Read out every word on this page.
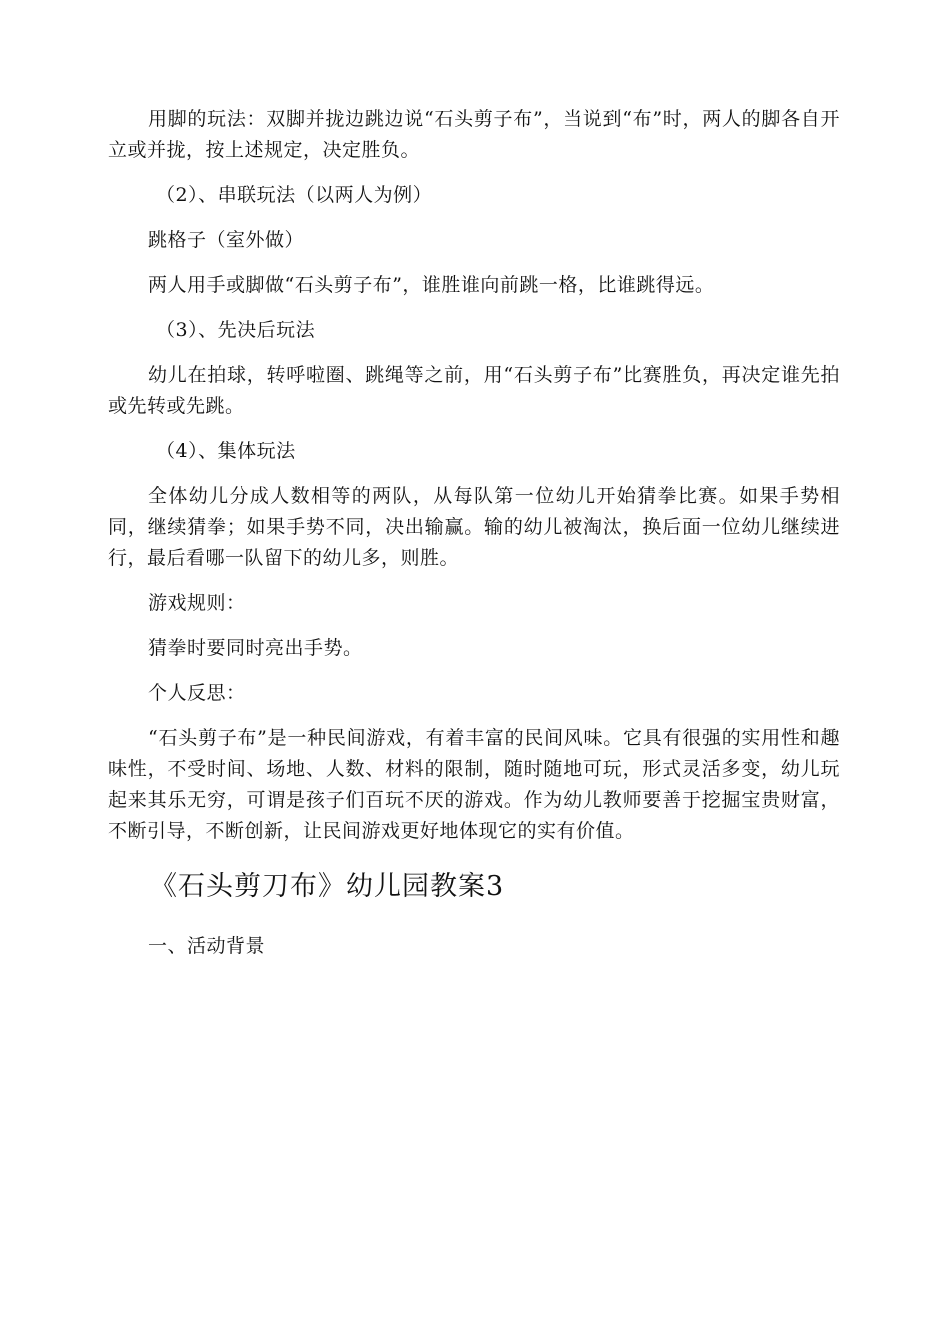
用脚的玩法：双脚并拢边跳边说“石头剪子布”，当说到“布”时，两人的脚各自开立或并拢，按上述规定，决定胜负。

（2）、串联玩法（以两人为例）

跳格子（室外做）

两人用手或脚做“石头剪子布”，谁胜谁向前跳一格，比谁跳得远。

（3）、先决后玩法

幼儿在拍球，转呼啦圈、跳绳等之前，用“石头剪子布”比赛胜负，再决定谁先拍或先转或先跳。

（4）、集体玩法

全体幼儿分成人数相等的两队，从每队第一位幼儿开始猜拳比赛。如果手势相同，继续猜拳；如果手势不同，决出输赢。输的幼儿被淘汰，换后面一位幼儿继续进行，最后看哪一队留下的幼儿多，则胜。

游戏规则：

猜拳时要同时亮出手势。

个人反思：

“石头剪子布”是一种民间游戏，有着丰富的民间风味。它具有很强的实用性和趣味性，不受时间、场地、人数、材料的限制，随时随地可玩，形式灵活多变，幼儿玩起来其乐无穷，可谓是孩子们百玩不厌的游戏。作为幼儿教师要善于挖掘宝贵财富，不断引导，不断创新，让民间游戏更好地体现它的实有价值。

《石头剪刀布》幼儿园教案3

一、活动背景
